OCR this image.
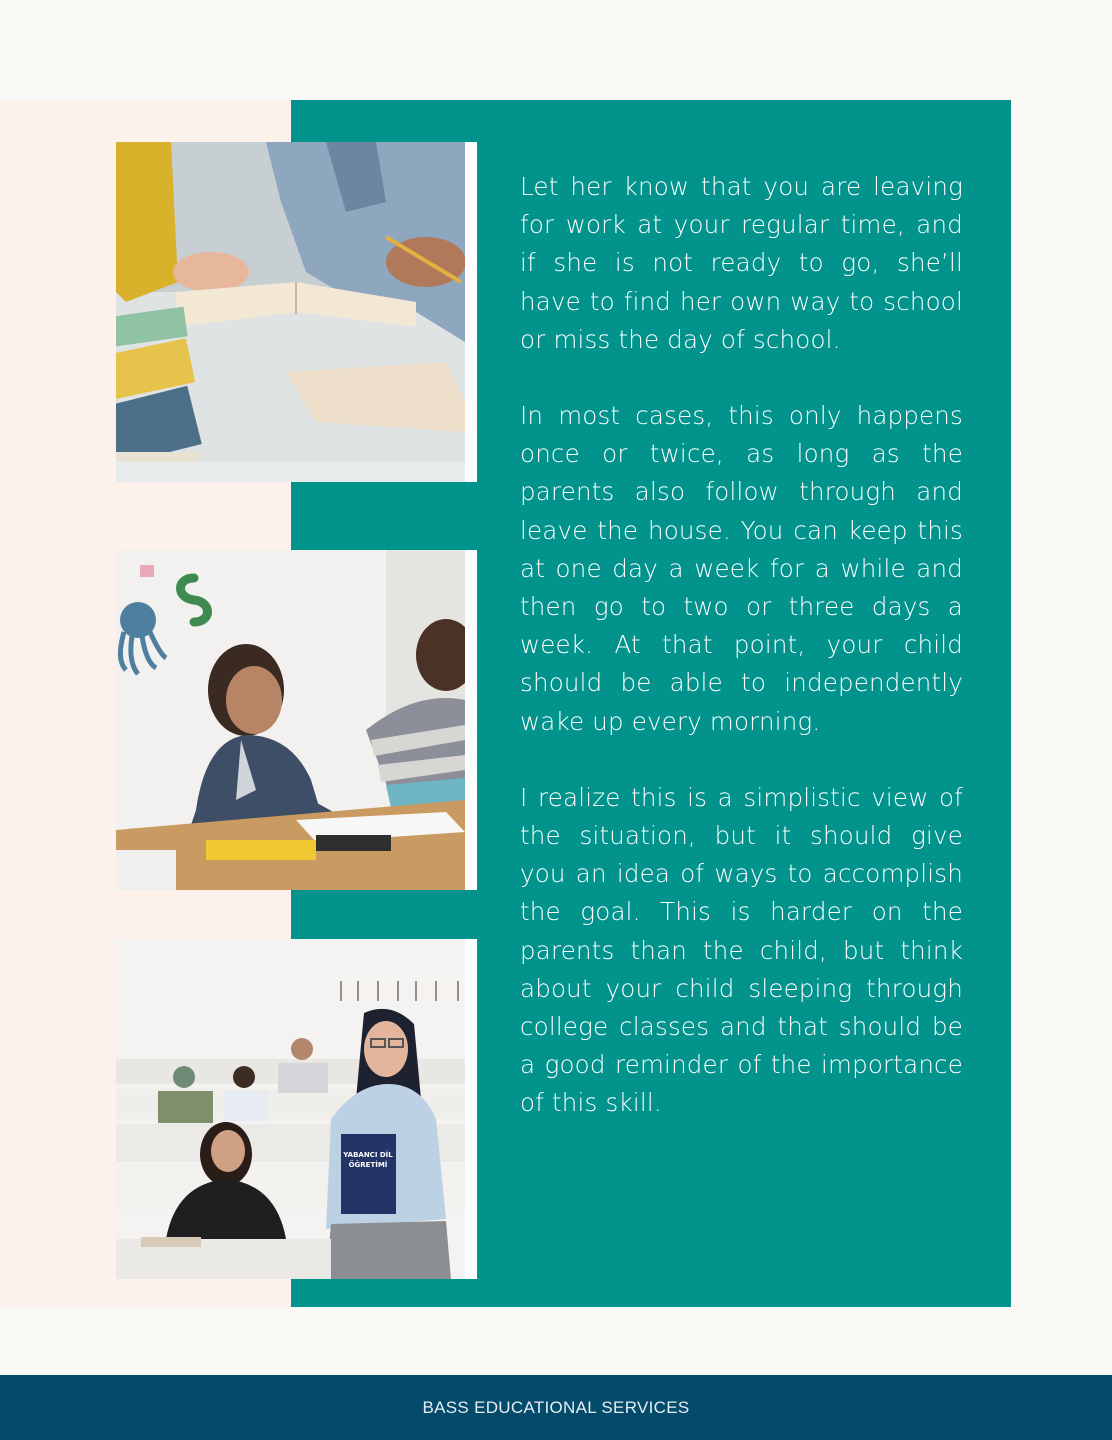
YABANCI DİL
ÖĞRETİMİ

Let her know that you are leaving for work at your regular time, and if she is not ready to go, she’ll have to find her own way to school or miss the day of school.

In most cases, this only happens once or twice, as long as the parents also follow through and leave the house. You can keep this at one day a week for a while and then go to two or three days a week. At that point, your child should be able to independently wake up every morning.

I realize this is a simplistic view of the situation, but it should give you an idea of ways to accomplish the goal. This is harder on the parents than the child, but think about your child sleeping through college classes and that should be a good reminder of the importance of this skill.

BASS EDUCATIONAL SERVICES
